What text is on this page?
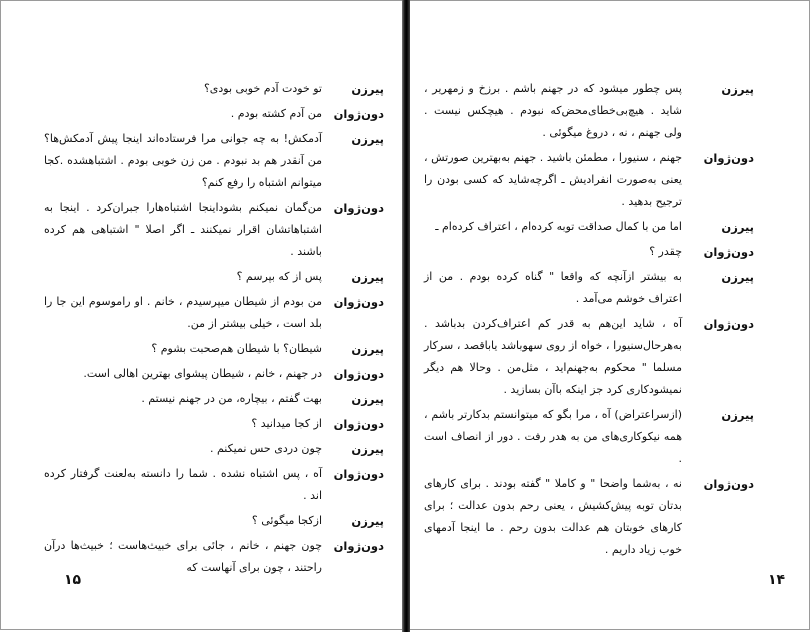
پیرزن
تو خودت آدم خوبی بودی؟
دون‌ژوان
من آدم کشته بودم .
پیرزن
آدمکش! به چه جوانی مرا فرستاده‌اند اینجا پیش آدمکش‌ها؟ من آنقدر هم بد نبودم . من زن خوبی بودم . اشتباهشده .کجا میتوانم اشتباه را رفع کنم؟
دون‌ژوان
من‌گمان نمیکنم بشوداینجا اشتباه‌هارا جبران‌کرد . اینجا به اشتباهاتشان اقرار نمیکنند ـ اگر اصلا " اشتباهی هم کرده باشند .
پیرزن
پس از که بپرسم ؟
دون‌ژوان
من بودم از شیطان میپرسیدم ، خانم . او راموسوم این جا را بلد است ، خیلی بیشتر از من.
پیرزن
شیطان؟ با شیطان هم‌صحبت بشوم ؟
دون‌ژوان
در جهنم ، خانم ، شیطان پیشوای بهترین اهالی است.
پیرزن
بهت گفتم ، بیچاره، من در جهنم نیستم .
دون‌ژوان
از کجا میدانید ؟
پیرزن
چون دردی حس نمیکنم .
دون‌ژوان
آه ، پس اشتباه نشده . شما را دانسته به‌لعنت گرفتار کرده اند .
پیرزن
ازکجا میگوئی ؟
دون‌ژوان
چون جهنم ، خانم ، جائی برای خبیث‌هاست ؛ خبیث‌ها درآن راحتند ، چون برای آنهاست که
پیرزن
پس چطور میشود که در جهنم باشم . برزخ و زمهریر ، شاید . هیچ‌بی‌خطای‌محض‌که نبودم . هیچکس نیست . ولی جهنم ، نه ، دروغ میگوئی .
دون‌ژوان
جهنم ، سنیورا ، مطمئن باشید . جهنم به‌بهترین صورتش ، یعنی به‌صورت انفرادیش ـ اگرچه‌شاید که کسی بودن را ترجیح بدهید .
پیرزن
اما من با کمال صداقت توبه کرده‌ام ، اعتراف کرده‌ام ـ
دون‌ژوان
چقدر ؟
پیرزن
به بیشتر ازآنچه که واقعا " گناه کرده بودم . من از اعتراف خوشم می‌آمد .
دون‌ژوان
آه ، شاید این‌هم به قدر کم اعتراف‌کردن بدباشد . به‌هرحال‌سنیورا ، خواه از روی سهوباشد یاباقصد ، سرکار مسلما " محکوم به‌جهنم‌اید ، مثل‌من . وحالا هم دیگر نمیشودکاری کرد جز اینکه با‌آن بسازید .
پیرزن
(ازسراعتراض) آه ، مرا بگو که میتوانستم بدکارتر باشم ، همه نیکوکاری‌های من به هدر رفت . دور از انصاف است .
دون‌ژوان
نه ، به‌شما واضحا " و کاملا " گفته بودند . برای کارهای بدتان توبه پیش‌کشیش ، یعنی رحم بدون عدالت ؛ برای کارهای خوبتان هم عدالت بدون رحم . ما اینجا آدمهای خوب زیاد داریم .
۱۵	۱۴
